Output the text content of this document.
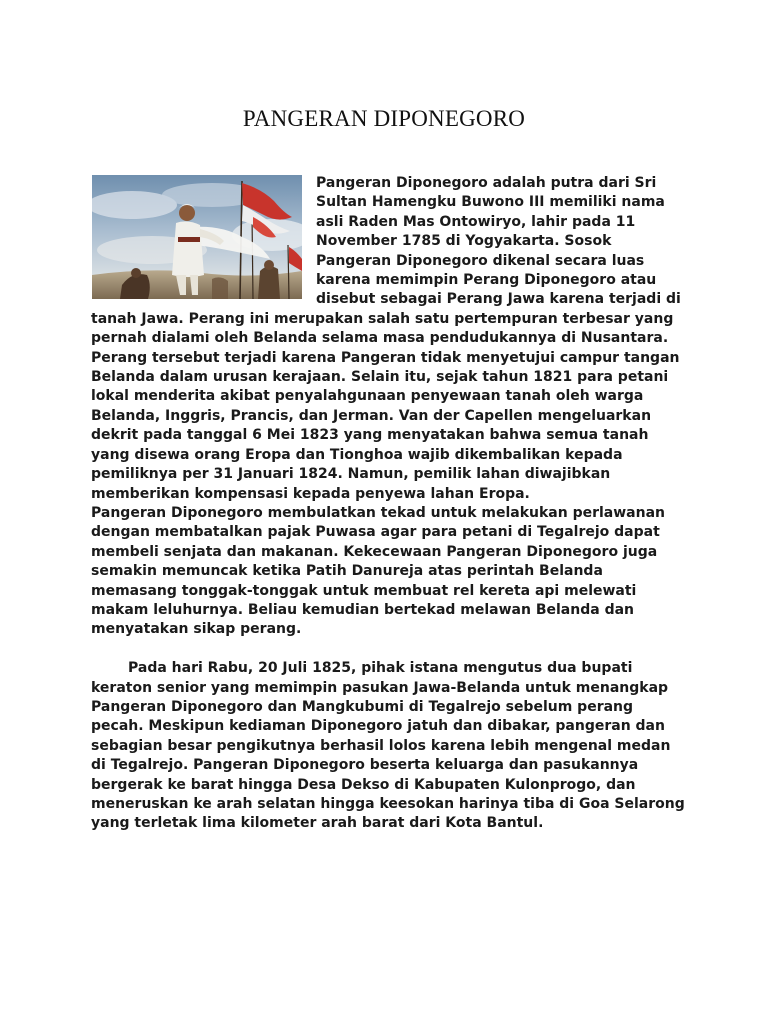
PANGERAN DIPONEGORO

Pangeran Diponegoro adalah putra dari Sri Sultan Hamengku Buwono III memiliki nama asli Raden Mas Ontowiryo, lahir pada 11 November 1785 di Yogyakarta. Sosok Pangeran Diponegoro dikenal secara luas karena memimpin Perang Diponegoro atau disebut sebagai Perang Jawa karena terjadi di tanah Jawa. Perang ini merupakan salah satu pertempuran terbesar yang pernah dialami oleh Belanda selama masa pendudukannya di Nusantara.

Perang tersebut terjadi karena Pangeran tidak menyetujui campur tangan Belanda dalam urusan kerajaan. Selain itu, sejak tahun 1821 para petani lokal menderita akibat penyalahgunaan penyewaan tanah oleh warga Belanda, Inggris, Prancis, dan Jerman. Van der Capellen mengeluarkan dekrit pada tanggal 6 Mei 1823 yang menyatakan bahwa semua tanah yang disewa orang Eropa dan Tionghoa wajib dikembalikan kepada pemiliknya per 31 Januari 1824. Namun, pemilik lahan diwajibkan memberikan kompensasi kepada penyewa lahan Eropa.

Pangeran Diponegoro membulatkan tekad untuk melakukan perlawanan dengan membatalkan pajak Puwasa agar para petani di Tegalrejo dapat membeli senjata dan makanan. Kekecewaan Pangeran Diponegoro juga semakin memuncak ketika Patih Danureja atas perintah Belanda memasang tonggak-tonggak untuk membuat rel kereta api melewati makam leluhurnya. Beliau kemudian bertekad melawan Belanda dan menyatakan sikap perang.

Pada hari Rabu, 20 Juli 1825, pihak istana mengutus dua bupati keraton senior yang memimpin pasukan Jawa-Belanda untuk menangkap Pangeran Diponegoro dan Mangkubumi di Tegalrejo sebelum perang pecah. Meskipun kediaman Diponegoro jatuh dan dibakar, pangeran dan sebagian besar pengikutnya berhasil lolos karena lebih mengenal medan di Tegalrejo. Pangeran Diponegoro beserta keluarga dan pasukannya bergerak ke barat hingga Desa Dekso di Kabupaten Kulonprogo, dan meneruskan ke arah selatan hingga keesokan harinya tiba di Goa Selarong yang terletak lima kilometer arah barat dari Kota Bantul.
